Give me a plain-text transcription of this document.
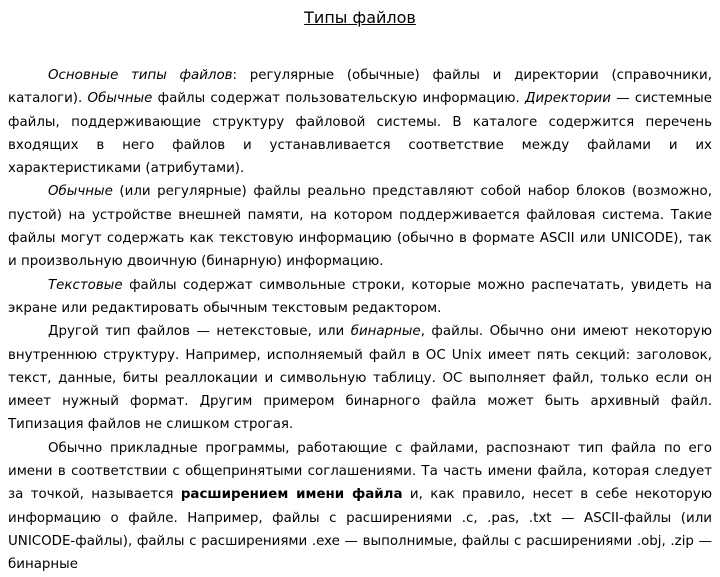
Типы файлов

Основные типы файлов: регулярные (обычные) файлы и директории (справочники, каталоги). Обычные файлы содержат пользовательскую информацию. Директории — системные файлы, поддерживающие структуру файловой системы. В каталоге содержится перечень входящих в него файлов и устанавливается соответствие между файлами и их характеристиками (атрибутами).

Обычные (или регулярные) файлы реально представляют собой набор блоков (возможно, пустой) на устройстве внешней памяти, на котором поддерживается файловая система. Такие файлы могут содержать как текстовую информацию (обычно в формате ASCII или UNICODE), так и произвольную двоичную (бинарную) информацию.

Текстовые файлы содержат символьные строки, которые можно распечатать, увидеть на экране или редактировать обычным текстовым редактором.

Другой тип файлов — нетекстовые, или бинарные, файлы. Обычно они имеют некоторую внутреннюю структуру. Например, исполняемый файл в ОС Unix имеет пять секций: заголовок, текст, данные, биты реаллокации и символьную таблицу. ОС выполняет файл, только если он имеет нужный формат. Другим примером бинарного файла может быть архивный файл. Типизация файлов не слишком строгая.

Обычно прикладные программы, работающие с файлами, распознают тип файла по его имени в соответствии с общепринятыми соглашениями. Та часть имени файла, которая следует за точкой, называется расширением имени файла и, как правило, несет в себе некоторую информацию о файле. Например, файлы с расширениями .c, .pas, .txt — ASCII-файлы (или UNICODE-файлы), файлы с расширениями .exe — выполнимые, файлы с расширениями .obj, .zip — бинарные
